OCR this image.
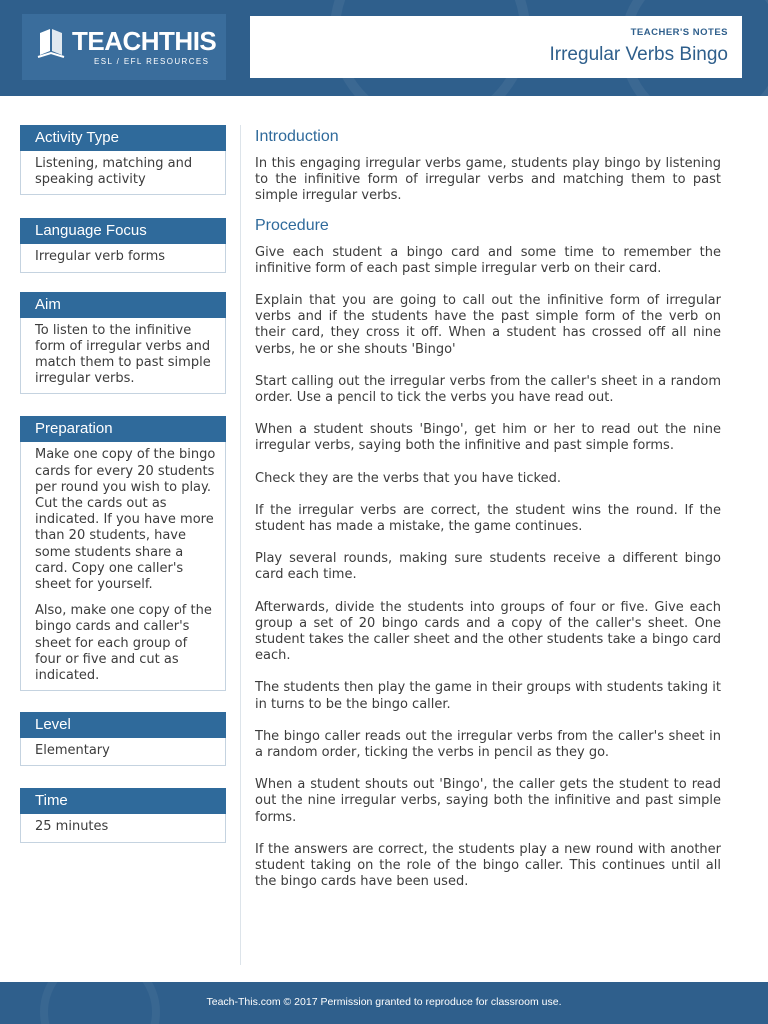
TEACHTHIS
ESL / EFL RESOURCES
TEACHER'S NOTES
Irregular Verbs Bingo
Activity Type
Listening, matching and speaking activity
Language Focus
Irregular verb forms
Aim
To listen to the infinitive form of irregular verbs and match them to past simple irregular verbs.
Preparation

Make one copy of the bingo cards for every 20 students per round you wish to play. Cut the cards out as indicated. If you have more than 20 students, have some students share a card. Copy one caller's sheet for yourself.

Also, make one copy of the bingo cards and caller's sheet for each group of four or five and cut as indicated.

Level
Elementary
Time
25 minutes
Introduction

In this engaging irregular verbs game, students play bingo by listening to the infinitive form of irregular verbs and matching them to past simple irregular verbs.

Procedure

Give each student a bingo card and some time to remember the infinitive form of each past simple irregular verb on their card.

Explain that you are going to call out the infinitive form of irregular verbs and if the students have the past simple form of the verb on their card, they cross it off. When a student has crossed off all nine verbs, he or she shouts 'Bingo'

Start calling out the irregular verbs from the caller's sheet in a random order. Use a pencil to tick the verbs you have read out.

When a student shouts 'Bingo', get him or her to read out the nine irregular verbs, saying both the infinitive and past simple forms.

Check they are the verbs that you have ticked.

If the irregular verbs are correct, the student wins the round. If the student has made a mistake, the game continues.

Play several rounds, making sure students receive a different bingo card each time.

Afterwards, divide the students into groups of four or five. Give each group a set of 20 bingo cards and a copy of the caller's sheet. One student takes the caller sheet and the other students take a bingo card each.

The students then play the game in their groups with students taking it in turns to be the bingo caller.

The bingo caller reads out the irregular verbs from the caller's sheet in a random order, ticking the verbs in pencil as they go.

When a student shouts out 'Bingo', the caller gets the student to read out the nine irregular verbs, saying both the infinitive and past simple forms.

If the answers are correct, the students play a new round with another student taking on the role of the bingo caller. This continues until all the bingo cards have been used.

Teach-This.com © 2017 Permission granted to reproduce for classroom use.
